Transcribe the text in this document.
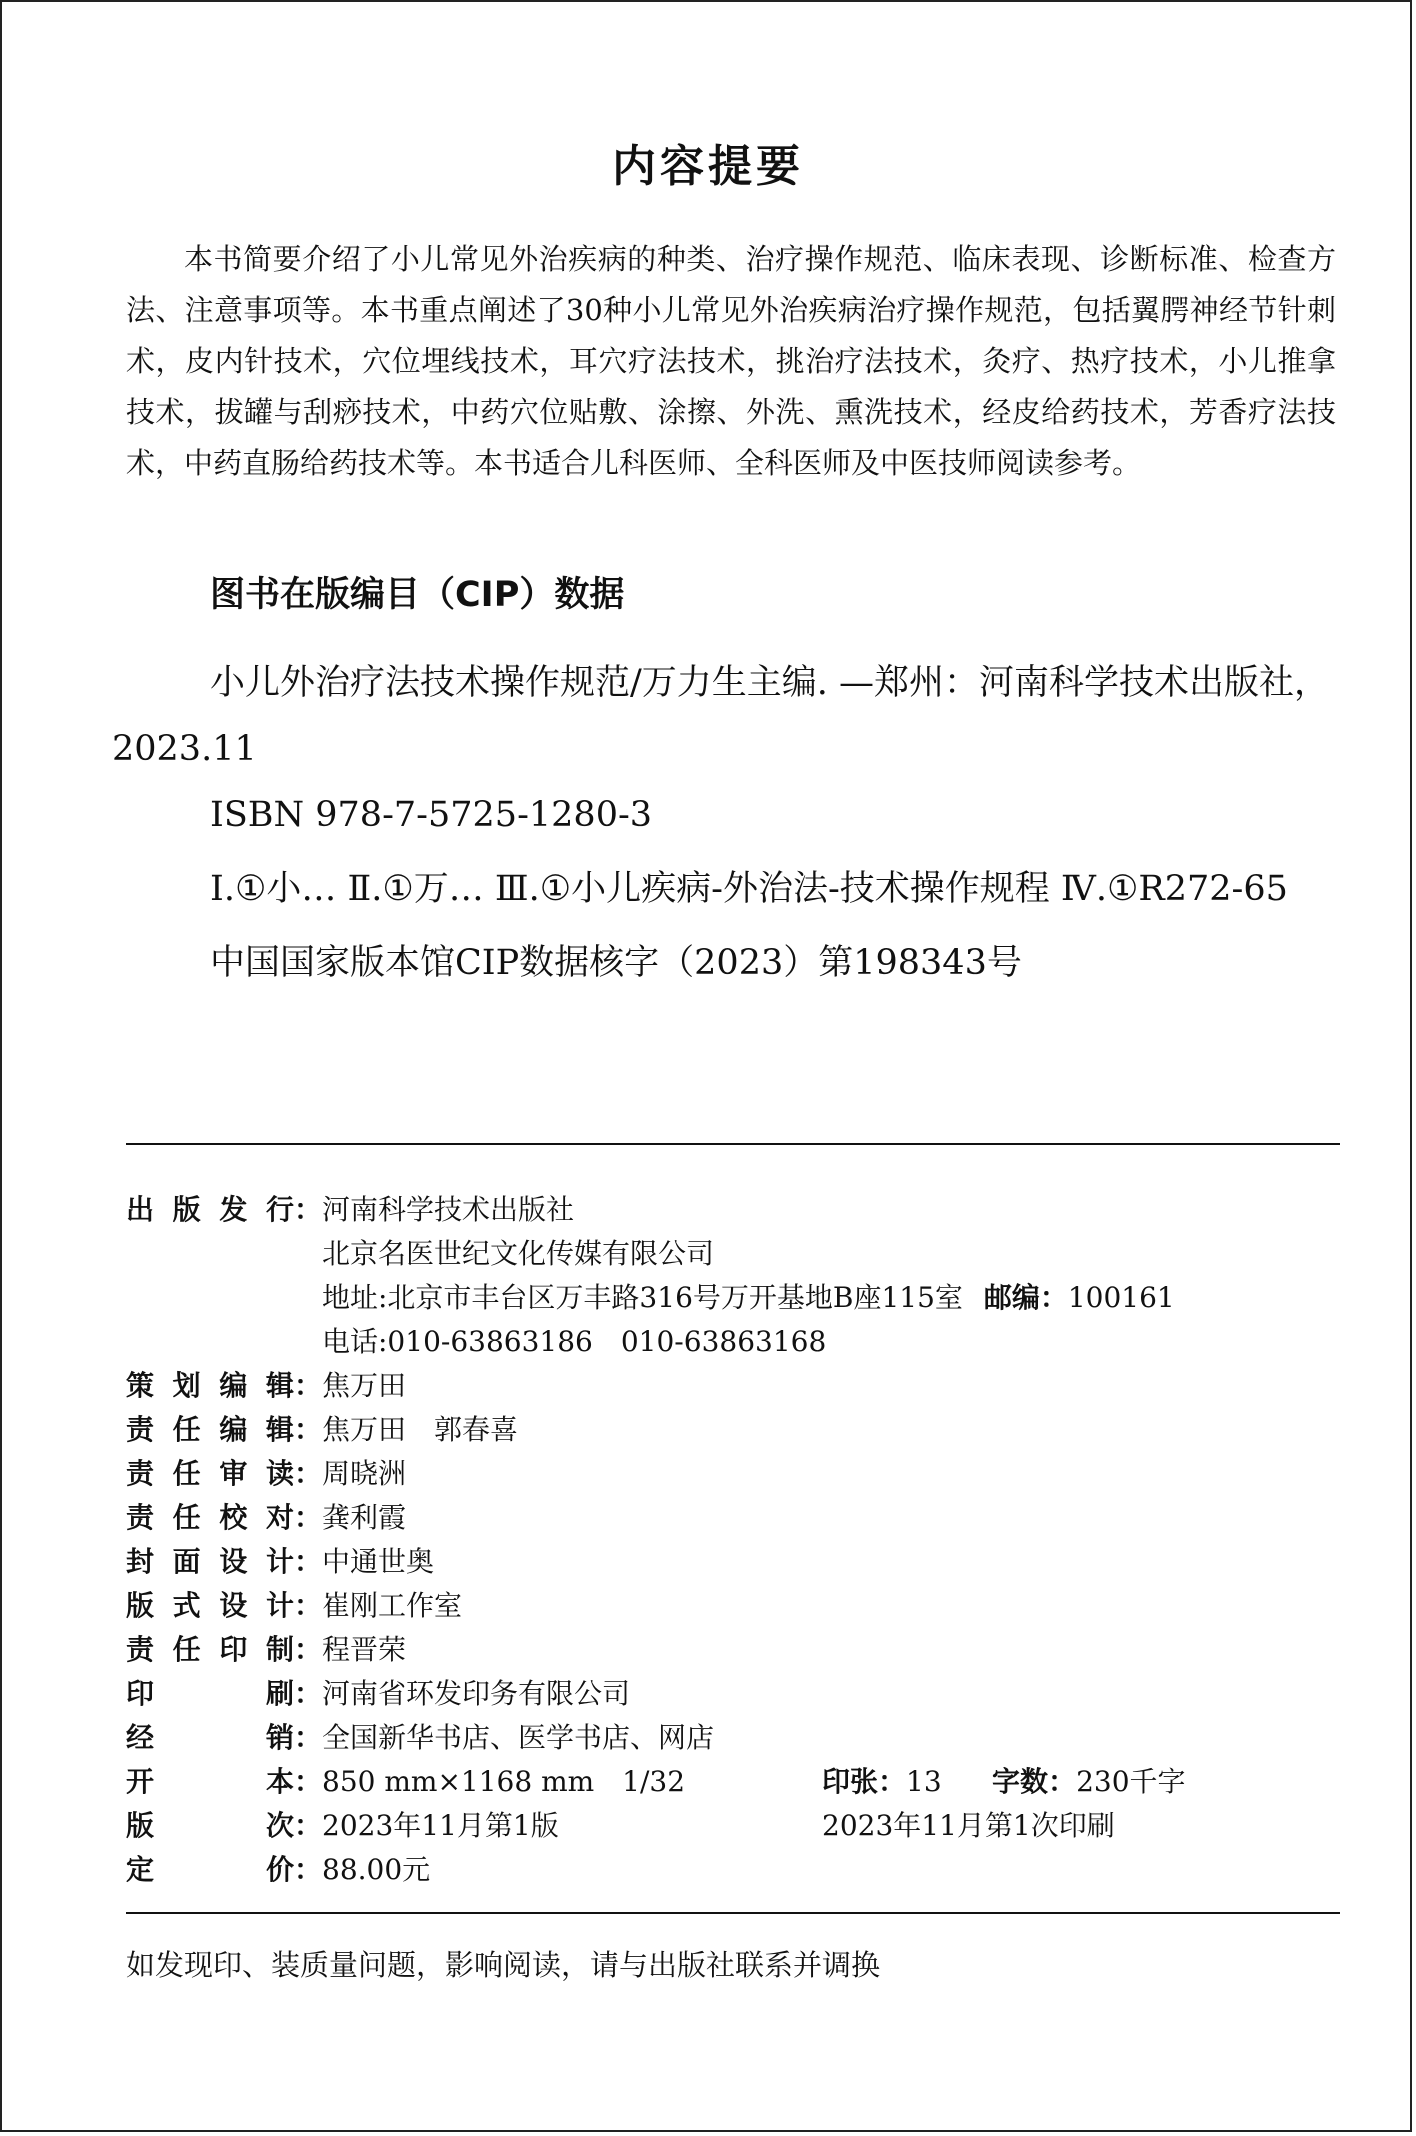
内容提要

本书简要介绍了小儿常见外治疾病的种类、治疗操作规范、临床表现、诊断标准、检查方法、注意事项等。本书重点阐述了30种小儿常见外治疾病治疗操作规范，包括翼腭神经节针刺术，皮内针技术，穴位埋线技术，耳穴疗法技术，挑治疗法技术，灸疗、热疗技术，小儿推拿技术，拔罐与刮痧技术，中药穴位贴敷、涂擦、外洗、熏洗技术，经皮给药技术，芳香疗法技术，中药直肠给药技术等。本书适合儿科医师、全科医师及中医技师阅读参考。

图书在版编目（CIP）数据

小儿外治疗法技术操作规范/万力生主编. —郑州：河南科学技术出版社，2023.11

ISBN 978-7-5725-1280-3

Ⅰ.①小… Ⅱ.①万… Ⅲ.①小儿疾病-外治法-技术操作规程 Ⅳ.①R272-65

中国国家版本馆CIP数据核字（2023）第198343号

出 版 发 行 ： 河南科学技术出版社
北京名医世纪文化传媒有限公司
地址:北京市丰台区万丰路316号万开基地B座115室 邮编：100161
电话:010-63863186　010-63863168
策 划 编 辑 ： 焦万田
责 任 编 辑 ： 焦万田　郭春喜
责 任 审 读 ： 周晓洲
责 任 校 对 ： 龚利霞
封 面 设 计 ： 中通世奥
版 式 设 计 ： 崔刚工作室
责 任 印 制 ： 程晋荣
印	刷 ： 河南省环发印务有限公司
经	销 ： 全国新华书店、医学书店、网店
开	本 ： 850 mm×1168 mm　1/32	印张：13 字数：230千字
版	次 ： 2023年11月第1版	2023年11月第1次印刷
定	价 ： 88.00元
如发现印、装质量问题，影响阅读，请与出版社联系并调换
